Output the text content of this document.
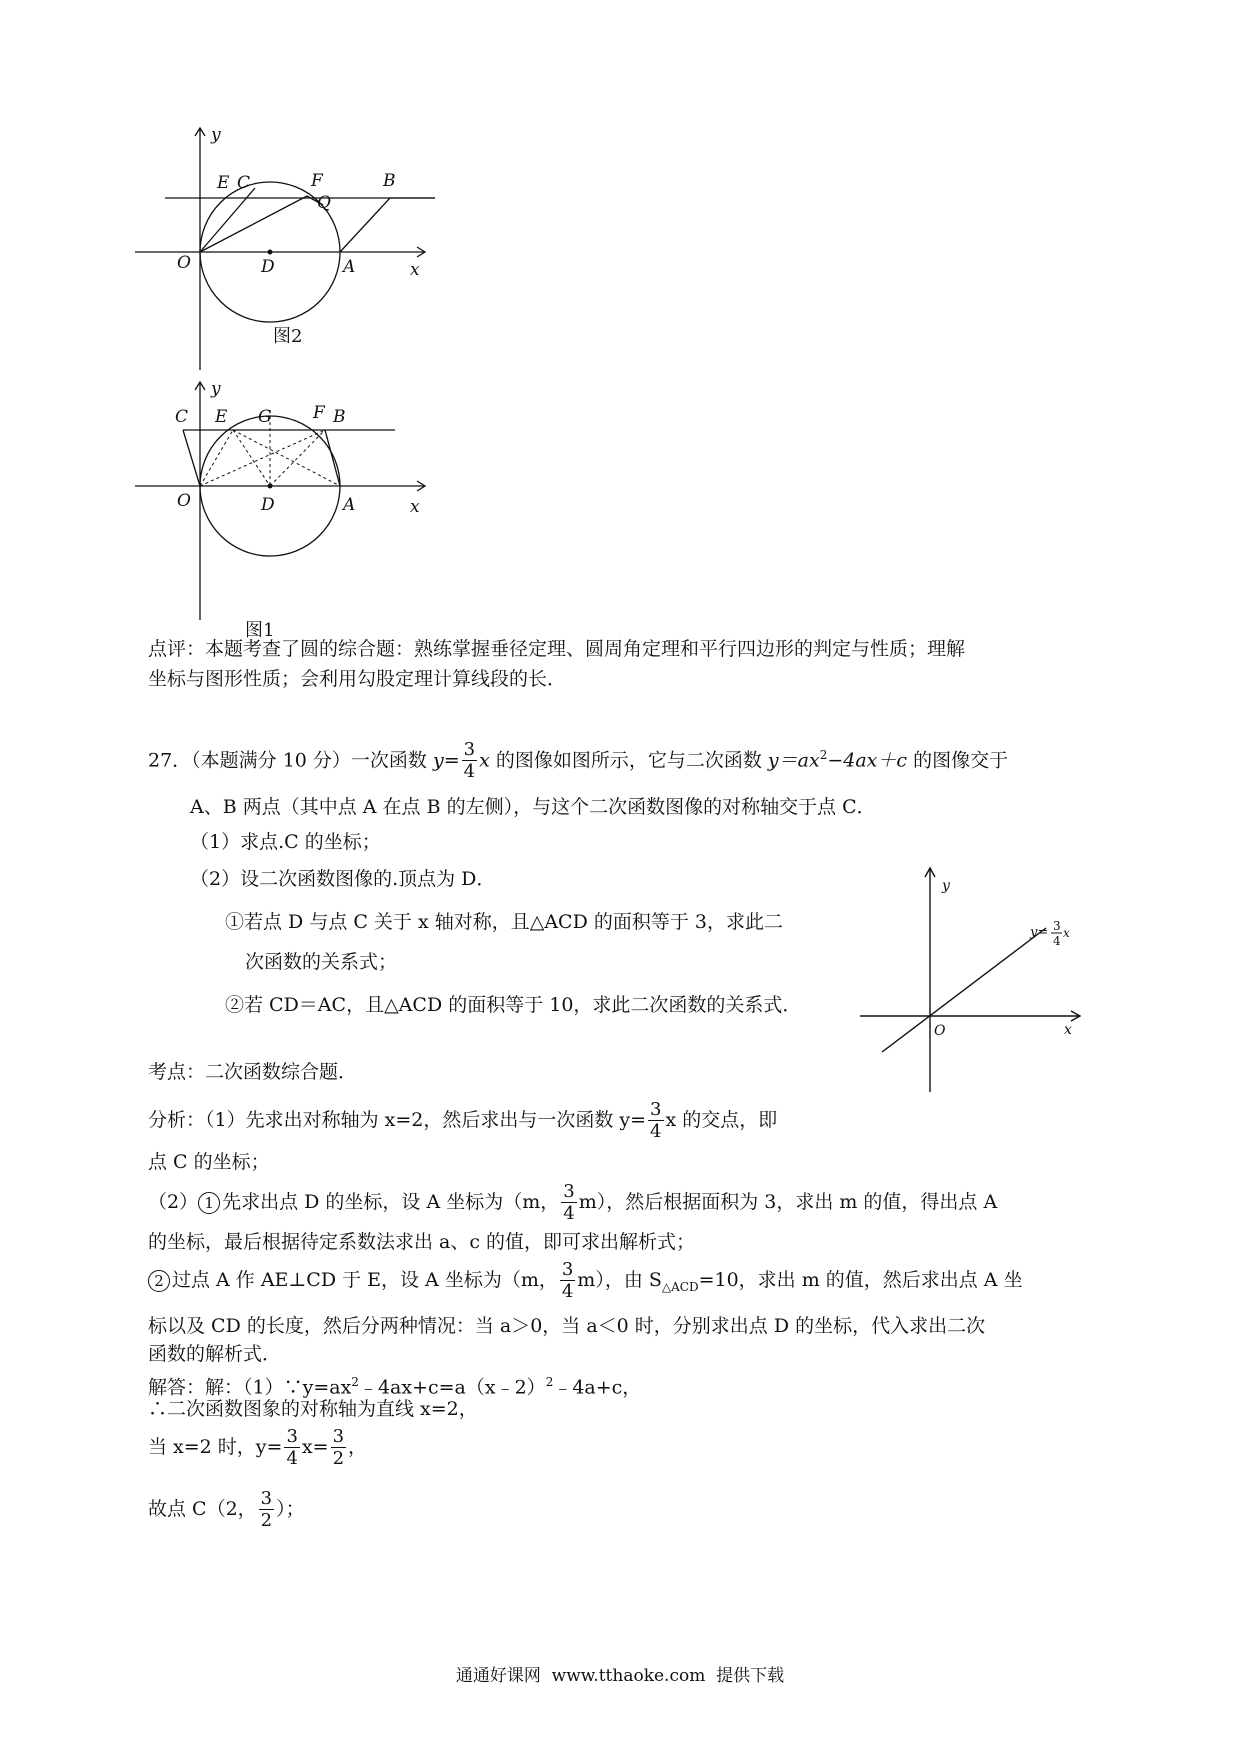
y
x
O	D	A
E C	F
Q
B
图2
y
x
O	D	A
C E G F B
图1
点评：本题考查了圆的综合题：熟练掌握垂径定理、圆周角定理和平行四边形的判定与性质；理解
坐标与图形性质；会利用勾股定理计算线段的长．
27．（本题满分 10 分）一次函数 $y= \frac{3}{4}$ x 的图像如图所示，它与二次函数 $y=ax^2-4ax+c$ 的图像交于
A、B 两点（其中点 A 在点 B 的左侧），与这个二次函数图像的对称轴交于点 C．
（1）求点.C 的坐标；
（2）设二次函数图像的.顶点为 D．
①若点 D 与点 C 关于 x 轴对称，且△ACD 的面积等于 3，求此二
次函数的关系式；
②若 CD＝AC，且△ACD 的面积等于 10，求此二次函数的关系式．
y
x
O
y= 3
4
x
考点：二次函数综合题．
分析：（1）先求出对称轴为 x=2，然后求出与一次函数 $y= \frac{3}{4}$ x 的交点，即
点 C 的坐标；
（2） 1 先求出点 D 的坐标，设 A 坐标为（m， $\frac{3}{4} m$），然后根据面积为 3，求出 m 的值，得出点 A
的坐标，最后根据待定系数法求出 a、c 的值，即可求出解析式；
2 过点 A 作 AE⊥CD 于 E，设 A 坐标为（m， $\frac{3}{4} m$），由 $S_{\triangle ACD}=10$，求出 m 的值，然后求出点 A 坐
标以及 CD 的长度，然后分两种情况：当 a＞0，当 a＜0 时，分别求出点 D 的坐标，代入求出二次
函数的解析式．
解答：解：$(1)\because y=ax^2﹣4ax+c=a(x﹣2)^2﹣4a+c$，
∴二次函数图象的对称轴为直线 x=2，
当 x=2 时，$y= \frac{3}{4} x= \frac{3}{2}$ ，
故点 C（2， $\frac{3}{2}$ ）；
通通好课网  www.tthaoke.com  提供下载
